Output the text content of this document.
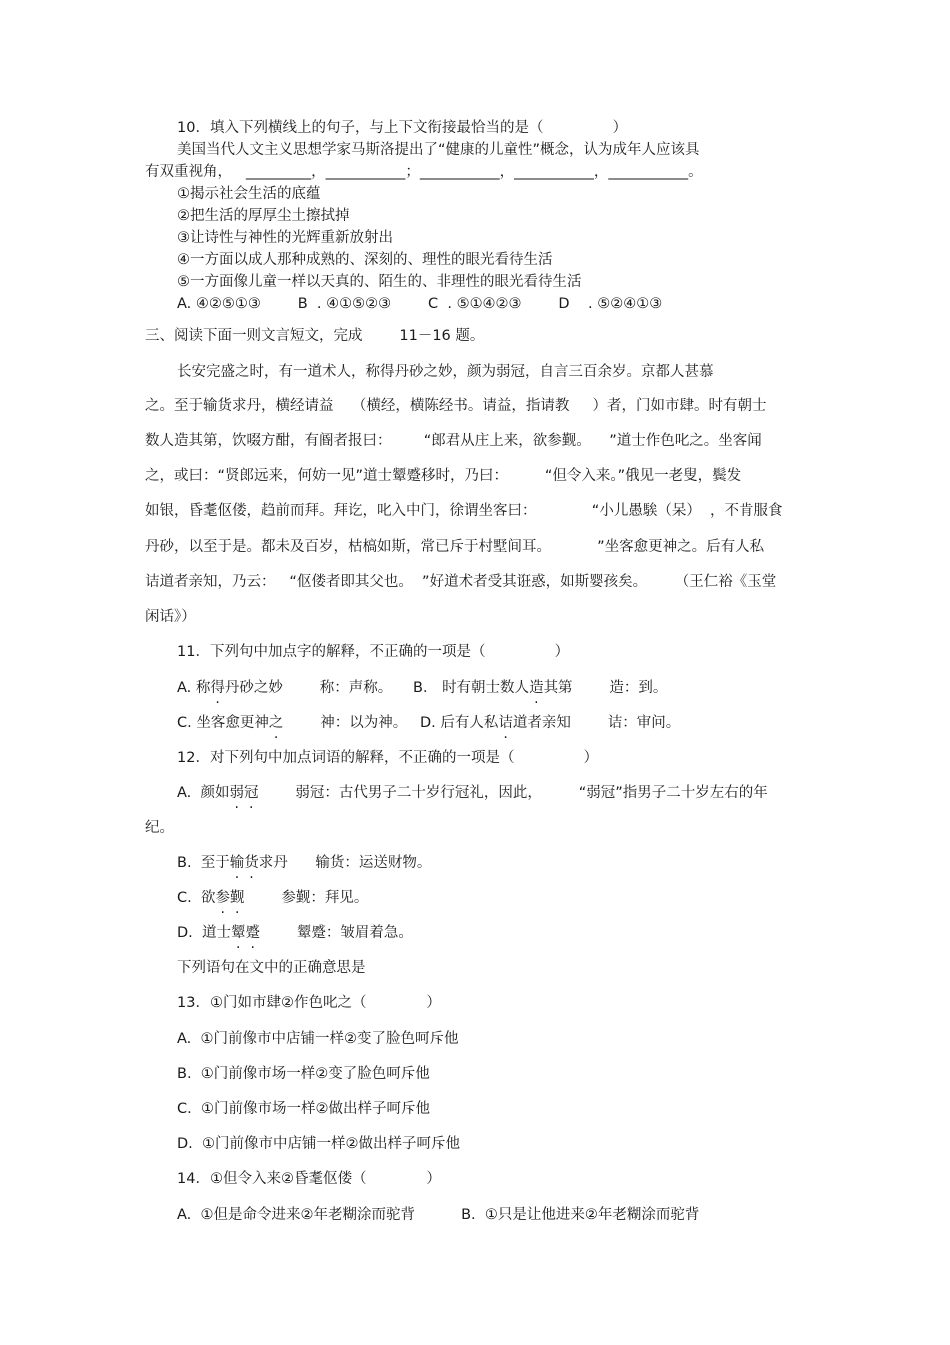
10．填入下列横线上的句子，与上下文衔接最恰当的是（               ）
美国当代人文主义思想学家马斯洛提出了“健康的儿童性”概念，认为成年人应该具
有双重视角，   _________，___________；___________，___________，___________。
①揭示社会生活的底蕴
②把生活的厚厚尘土擦拭掉
③让诗性与神性的光辉重新放射出
④一方面以成人那种成熟的、深刻的、理性的眼光看待生活
⑤一方面像儿童一样以天真的、陌生的、非理性的眼光看待生活
A. ④②⑤①③        B  . ④①⑤②③        C  . ⑤①④②③        D    . ⑤②④①③
三、阅读下面一则文言短文，完成        11－16 题。
长安完盛之时，有一道术人，称得丹砂之妙，颜为弱冠，自言三百余岁。京都人甚慕
之。至于输货求丹，横经请益    （横经，横陈经书。请益，指请教     ）者，门如市肆。时有朝士
数人造其第，饮啜方酣，有阍者报曰：       “郎君从庄上来，欲参觐。    ”道士作色叱之。坐客闻
之，或曰：“贤郎远来，何妨一见”道士颦蹙移时，乃曰：        “但令入来。”俄见一老叟，鬓发
如银，昏耄伛偻，趋前而拜。拜讫，叱入中门，徐谓坐客曰：            “小儿愚騃（呆）  ，不肯服食
丹砂，以至于是。都未及百岁，枯槁如斯，常已斥于村墅间耳。          ”坐客愈更神之。后有人私
诘道者亲知，乃云：   “伛偻者即其父也。  ”好道术者受其诳惑，如斯婴孩矣。      （王仁裕《玉堂
闲话》）
11．下列句中加点字的解释，不正确的一项是（               ）
A. 称得丹砂之妙        称：声称。 B． 时有朝士数人造其第        造：到。
C. 坐客愈更神之        神：以为神。 D. 后有人私诘道者亲知        诘：审问。
12．对下列句中加点词语的解释，不正确的一项是（               ）
A.  颜如弱冠        弱冠：古代男子二十岁行冠礼，因此，        “弱冠”指男子二十岁左右的年
纪。
B.  至于输货求丹      输货：运送财物。
C.  欲参觐        参觐：拜见。
D.  道士颦蹙        颦蹙：皱眉着急。
下列语句在文中的正确意思是
13．①门如市肆②作色叱之（             ）
A.  ①门前像市中店铺一样②变了脸色呵斥他
B.  ①门前像市场一样②变了脸色呵斥他
C.  ①门前像市场一样②做出样子呵斥他
D.  ①门前像市中店铺一样②做出样子呵斥他
14．①但令入来②昏耄伛偻（             ）
A.  ①但是命令进来②年老糊涂而驼背          B.  ①只是让他进来②年老糊涂而驼背
